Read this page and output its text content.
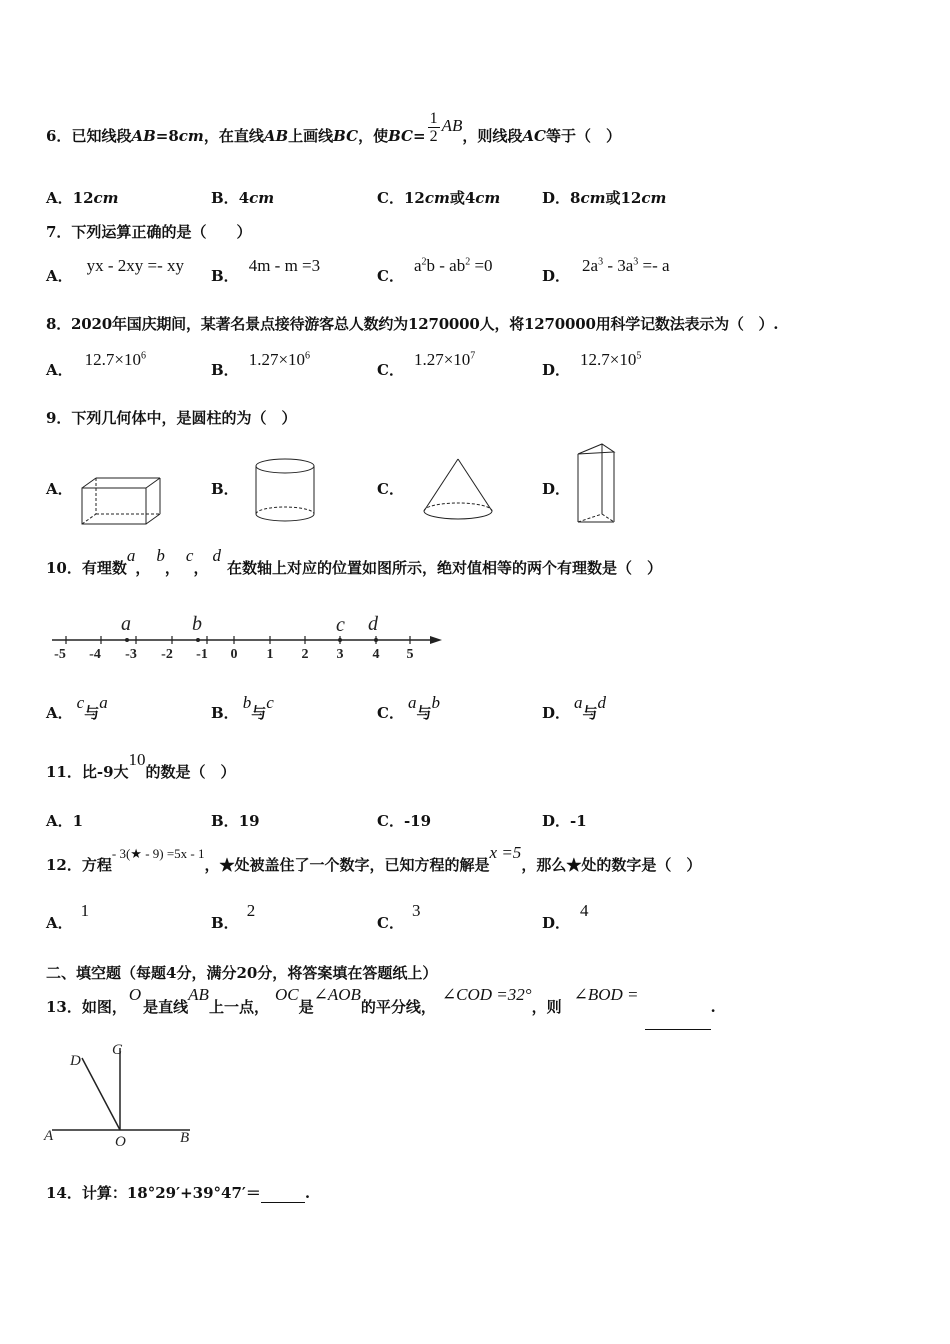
6．已知线段AB=8cm，在直线AB上画线BC，使$BC= \frac{1}{2}$ AB，则线段AC等于（　）
A．12cm	B．4cm	C．12cm或4cm	D．8cm或12cm
7．下列运算正确的是（　　）
A．yx - 2xy =- xy
B．4m - m =3
C．$a^2b - ab^2 =0$
D．$2a^3 - 3a^3 =- a$
8．2020年国庆期间，某著名景点接待游客总人数约为1270000人，将1270000用科学记数法表示为（　）.
A．$12.7\times 10^6$
B．$1.27\times 10^6$
C．$1.27\times 10^7$
D．$12.7\times 10^5$
9．下列几何体中，是圆柱的为（　）
A．	B．	C．	D．
10．有理数a，b，c，d在数轴上对应的位置如图所示，绝对值相等的两个有理数是（　）
a	b	c d
-5 -4 -3 -2 -1 0 1 2 3 4 5
A．c与a
B．b与c
C．a与b
D．a与d
11．比-9大10的数是（　）
A．1	B．19	C．-19	D．-1
12．方程- 3(★ - 9) =5x - 1，★处被盖住了一个数字，已知方程的解是x =5，那么★处的数字是（　）
A．1
B．2
C．3
D．4
二、填空题（每题4分，满分20分，将答案填在答题纸上）
13．如图，O是直线AB上一点，OC是∠AOB的平分线，∠COD =32°，则∠BOD = .
A	B
C
D
O
14．计算：18°29′+39°47′＝	.
